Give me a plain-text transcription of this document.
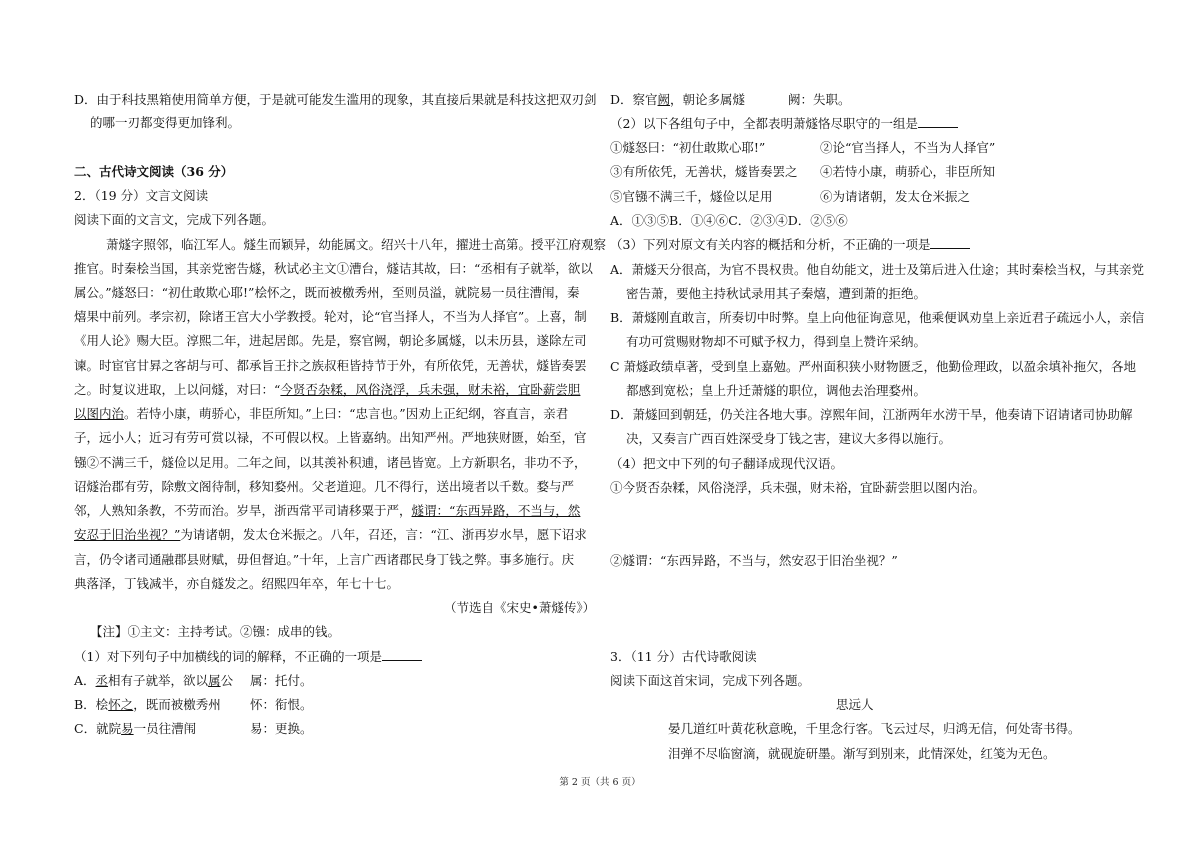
D．由于科技黑箱使用简单方便，于是就可能发生滥用的现象，其直接后果就是科技这把双刃剑
的哪一刃都变得更加锋利。
二、古代诗文阅读（36 分）
2．（19 分）文言文阅读
阅读下面的文言文，完成下列各题。
萧燧字照邻，临江军人。燧生而颖异，幼能属文。绍兴十八年，擢进士高第。授平江府观察
推官。时秦桧当国，其亲党密告燧，秋试必主文①漕台，燧诘其故，曰：“丞相有子就举，欲以
属公。”燧怒曰：“初仕敢欺心耶!”桧怀之，既而被檄秀州，至则员溢，就院易一员往漕闱，秦
熺果中前列。孝宗初，除诸王宫大小学教授。轮对，论“官当择人，不当为人择官”。上喜，制
《用人论》赐大臣。淳熙二年，进起居郎。先是，察官阙，朝论多属燧，以未历县，遂除左司
谏。时宦官甘昪之客胡与可、都承旨王抃之族叔秬皆持节于外，有所依凭，无善状，燧皆奏罢
之。时复议进取，上以问燧，对曰：“今贤否杂糅，风俗浇浮，兵未强，财未裕，宜卧薪尝胆
以图内治。若恃小康，萌骄心，非臣所知。”上曰：“忠言也。”因劝上正纪纲，容直言，亲君
子，远小人；近习有劳可赏以禄，不可假以权。上皆嘉纳。出知严州。严地狭财匮，始至，官
镪②不满三千，燧俭以足用。二年之间，以其羡补积逋，诸邑皆宽。上方新职名，非功不予，
诏燧治郡有劳，除敷文阁待制，移知婺州。父老道迎。几不得行，送出境者以千数。婺与严
邻，人熟知条教，不劳而治。岁旱，浙西常平司请移粟于严，燧谓：“东西异路，不当与，然
安忍于旧治坐视？”为请诸朝，发太仓米振之。八年，召还，言：“江、浙再岁水旱，愿下诏求
言，仍令诸司通融郡县财赋，毋但督迫。”十年，上言广西诸郡民身丁钱之弊。事多施行。庆
典落泽，丁钱减半，亦自燧发之。绍熙四年卒，年七十七。
（节选自《宋史•萧燧传》）
【注】①主文：主持考试。②镪：成串的钱。
（1）对下列句子中加横线的词的解释，不正确的一项是
A．丞相有子就举，欲以属公 属：托付。
B．桧怀之，既而被檄秀州 怀：衔恨。
C．就院易一员往漕闱	易：更换。
D．察官阙，朝论多属燧	阙：失职。
（2）以下各组句子中，全都表明萧燧恪尽职守的一组是
①燧怒曰：“初仕敢欺心耶!”	②论“官当择人，不当为人择官”
③有所依凭，无善状，燧皆奏罢之 ④若恃小康，萌骄心，非臣所知
⑤官镪不满三千，燧俭以足用	⑥为请诸朝，发太仓米振之
A．①③⑤B．①④⑥C．②③④D．②⑤⑥
（3）下列对原文有关内容的概括和分析，不正确的一项是
A．萧燧天分很高，为官不畏权贵。他自幼能文，进士及第后进入仕途；其时秦桧当权，与其亲党
密告萧，要他主持秋试录用其子秦熺，遭到萧的拒绝。
B．萧燧刚直敢言，所奏切中时弊。皇上向他征询意见，他乘便讽劝皇上亲近君子疏远小人，亲信
有功可赏赐财物却不可赋予权力，得到皇上赞许采纳。
C 萧燧政绩卓著，受到皇上嘉勉。严州面积狭小财物匮乏，他勤俭理政，以盈余填补拖欠，各地
都感到宽松；皇上升迁萧燧的职位，调他去治理婺州。
D．萧燧回到朝廷，仍关注各地大事。淳熙年间，江浙两年水涝干旱，他奏请下诏请诸司协助解
决，又奏言广西百姓深受身丁钱之害，建议大多得以施行。
（4）把文中下列的句子翻译成现代汉语。
①今贤否杂糅，风俗浇浮，兵未强，财未裕，宜卧薪尝胆以图内治。
②燧谓：“东西异路，不当与，然安忍于旧治坐视？”
3．（11 分）古代诗歌阅读
阅读下面这首宋词，完成下列各题。
思远人
晏几道红叶黄花秋意晚，千里念行客。飞云过尽，归鸿无信，何处寄书得。
泪弹不尽临窗滴，就砚旋研墨。渐写到别来，此情深处，红笺为无色。
第 2 页（共 6 页）
